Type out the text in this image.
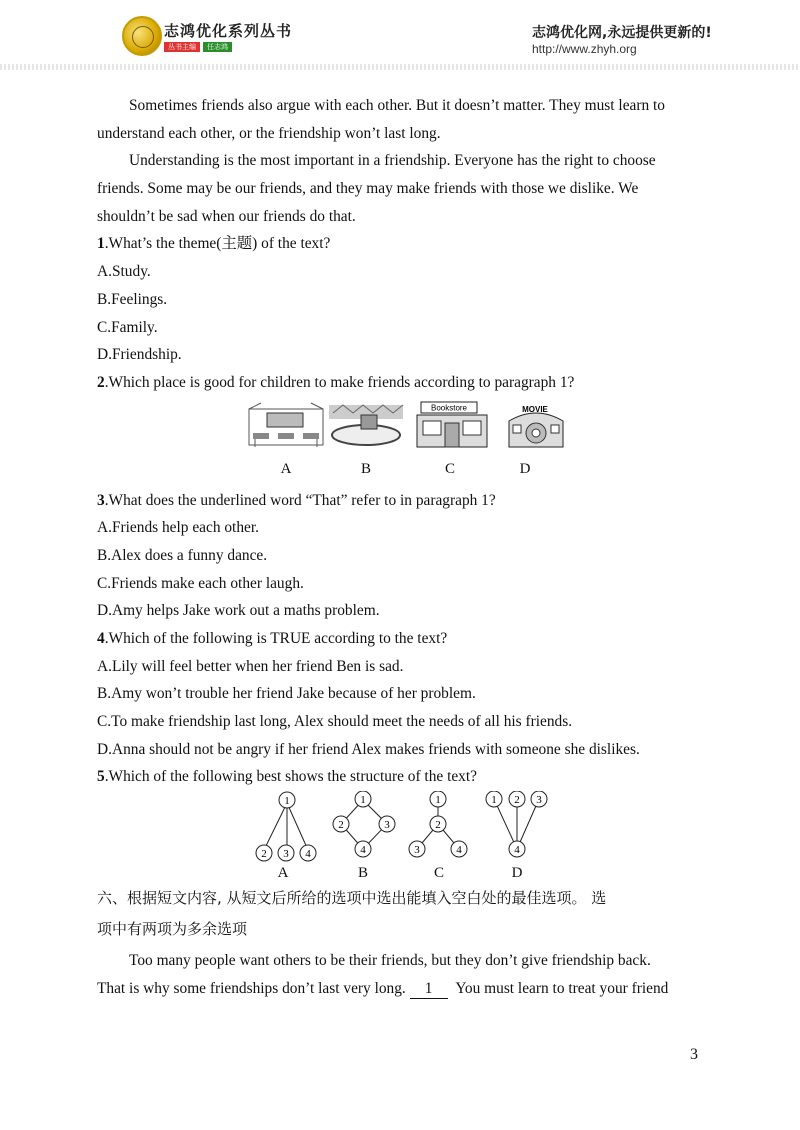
志鸿优化系列丛书
丛书主编	任志鸿
志鸿优化网,永远提供更新的!
http://www.zhyh.org
Sometimes friends also argue with each other. But it doesn’t matter. They must learn to
understand each other, or the friendship won’t last long.
Understanding is the most important in a friendship. Everyone has the right to choose
friends. Some may be our friends, and they may make friends with those we dislike. We
shouldn’t be sad when our friends do that.
1.What’s the theme(主题) of the text?
A.Study.
B.Feelings.
C.Family.
D.Friendship.
2.Which place is good for children to make friends according to paragraph 1?
Bookstore	MOVIE
A	B	C	D
3.What does the underlined word “That” refer to in paragraph 1?
A.Friends help each other.
B.Alex does a funny dance.
C.Friends make each other laugh.
D.Amy helps Jake work out a maths problem.
4.Which of the following is TRUE according to the text?
A.Lily will feel better when her friend Ben is sad.
B.Amy won’t trouble her friend Jake because of her problem.
C.To make friendship last long, Alex should meet the needs of all his friends.
D.Anna should not be angry if her friend Alex makes friends with someone she dislikes.
5.Which of the following best shows the structure of the text?
1
2 3 4
1
2	3
4
1
2
3	4
1 2 3
4
A	B	C	D
六、根据短文内容, 从短文后所给的选项中选出能填入空白处的最佳选项。 选
项中有两项为多余选项
Too many people want others to be their friends, but they don’t give friendship back.
That is why some friendships don’t last very long. 1 You must learn to treat your friend
3
